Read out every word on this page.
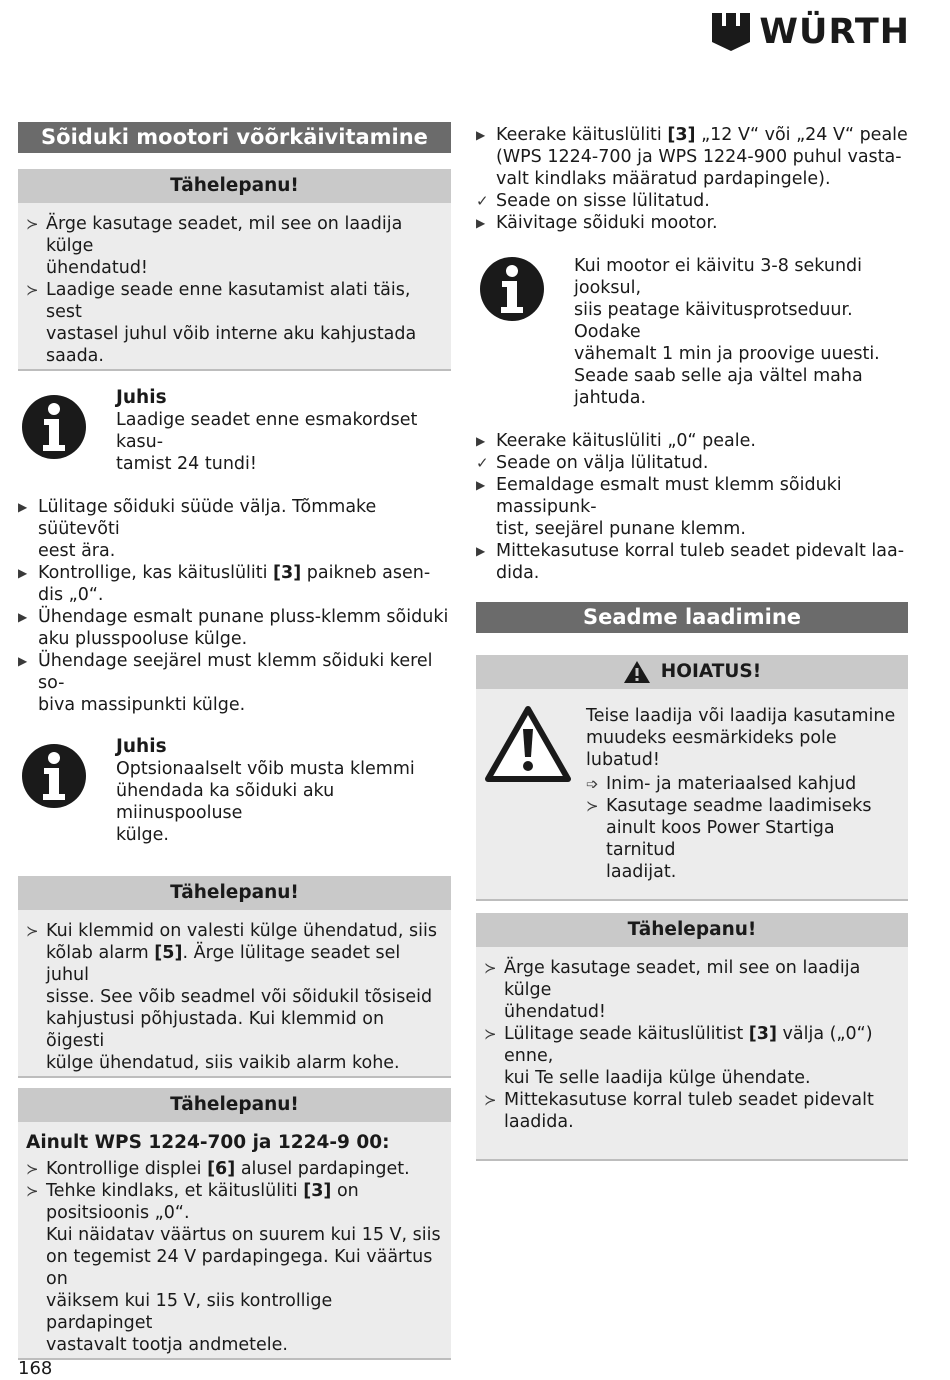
WÜRTH
Sõiduki mootori võõrkäivitamine
Tähelepanu!
≻ Ärge kasutage seadet, mil see on laadija külge
ühendatud!
≻ Laadige seade enne kasutamist alati täis, sest
vastasel juhul võib interne aku kahjustada
saada.
Juhis
Laadige seadet enne esmakordset kasu-
tamist 24 tundi!
▶ Lülitage sõiduki süüde välja. Tõmmake süütevõti
eest ära.
▶ Kontrollige, kas käituslüliti [3] paikneb asen-
dis „0“.
▶ Ühendage esmalt punane pluss-klemm sõiduki
aku plusspooluse külge.
▶ Ühendage seejärel must klemm sõiduki kerel so-
biva massipunkti külge.
Juhis
Optsionaalselt võib musta klemmi
ühendada ka sõiduki aku miinuspooluse
külge.
Tähelepanu!
≻ Kui klemmid on valesti külge ühendatud, siis
kõlab alarm [5]. Ärge lülitage seadet sel juhul
sisse. See võib seadmel või sõidukil tõsiseid
kahjustusi põhjustada. Kui klemmid on õigesti
külge ühendatud, siis vaikib alarm kohe.
Tähelepanu!
Ainult WPS 1224-700 ja 1224-9 00:
≻ Kontrollige displei [6] alusel pardapinget.
≻ Tehke kindlaks, et käituslüliti [3] on
positsioonis „0“.
Kui näidatav väärtus on suurem kui 15 V, siis
on tegemist 24 V pardapingega. Kui väärtus on
väiksem kui 15 V, siis kontrollige pardapinget
vastavalt tootja andmetele.
▶ Keerake käituslüliti [3] „12 V“ või „24 V“ peale
(WPS 1224-700 ja WPS 1224-900 puhul vasta-
valt kindlaks määratud pardapingele).
✓ Seade on sisse lülitatud.
▶ Käivitage sõiduki mootor.
Kui mootor ei käivitu 3-8 sekundi jooksul,
siis peatage käivitusprotseduur. Oodake
vähemalt 1 min ja proovige uuesti.
Seade saab selle aja vältel maha
jahtuda.
▶ Keerake käituslüliti „0“ peale.
✓ Seade on välja lülitatud.
▶ Eemaldage esmalt must klemm sõiduki massipunk-
tist, seejärel punane klemm.
▶ Mittekasutuse korral tuleb seadet pidevalt laa-
dida.
Seadme laadimine
HOIATUS!
Teise laadija või laadija kasutamine
muudeks eesmärkideks pole lubatud!
➩ Inim- ja materiaalsed kahjud
≻ Kasutage seadme laadimiseks
ainult koos Power Startiga tarnitud
laadijat.
Tähelepanu!
≻ Ärge kasutage seadet, mil see on laadija külge
ühendatud!
≻ Lülitage seade käituslülitist [3] välja („0“) enne,
kui Te selle laadija külge ühendate.
≻ Mittekasutuse korral tuleb seadet pidevalt
laadida.
168
